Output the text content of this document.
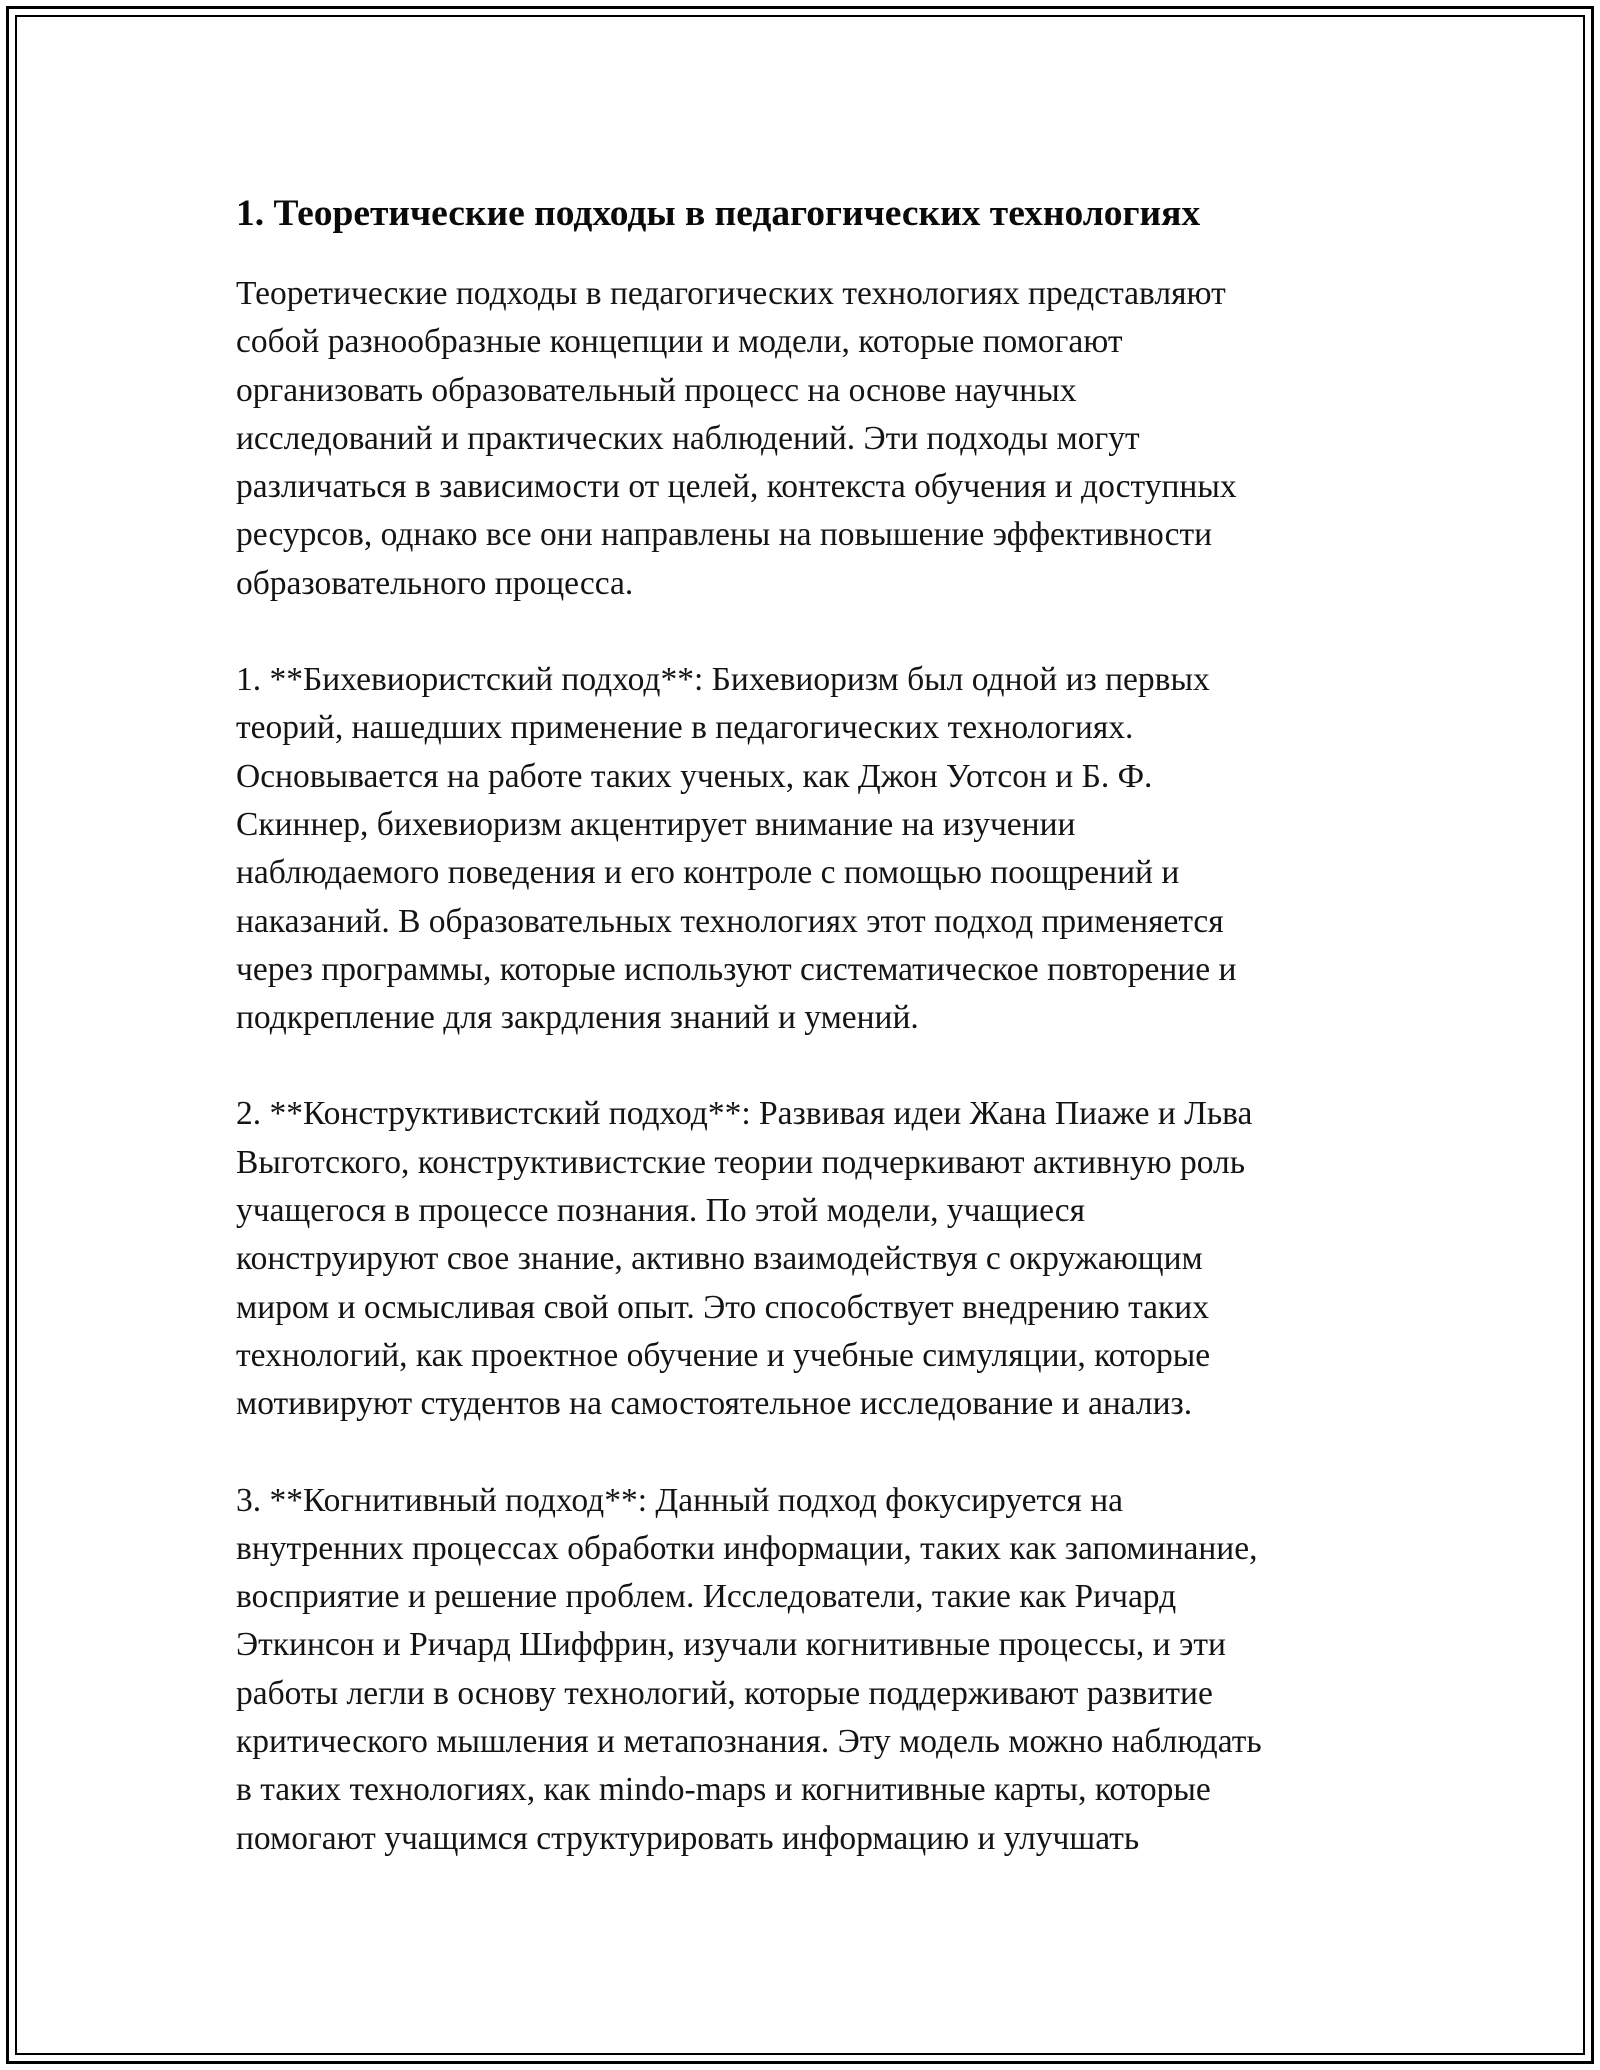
1. Теоретические подходы в педагогических технологиях

Теоретические подходы в педагогических технологиях представляют
собой разнообразные концепции и модели, которые помогают
организовать образовательный процесс на основе научных
исследований и практических наблюдений. Эти подходы могут
различаться в зависимости от целей, контекста обучения и доступных
ресурсов, однако все они направлены на повышение эффективности
образовательного процесса.

1. **Бихевиористский подход**: Бихевиоризм был одной из первых
теорий, нашедших применение в педагогических технологиях.
Основывается на работе таких ученых, как Джон Уотсон и Б. Ф.
Скиннер, бихевиоризм акцентирует внимание на изучении
наблюдаемого поведения и его контроле с помощью поощрений и
наказаний. В образовательных технологиях этот подход применяется
через программы, которые используют систематическое повторение и
подкрепление для закрдления знаний и умений.

2. **Конструктивистский подход**: Развивая идеи Жана Пиаже и Льва
Выготского, конструктивистские теории подчеркивают активную роль
учащегося в процессе познания. По этой модели, учащиеся
конструируют свое знание, активно взаимодействуя с окружающим
миром и осмысливая свой опыт. Это способствует внедрению таких
технологий, как проектное обучение и учебные симуляции, которые
мотивируют студентов на самостоятельное исследование и анализ.

3. **Когнитивный подход**: Данный подход фокусируется на
внутренних процессах обработки информации, таких как запоминание,
восприятие и решение проблем. Исследователи, такие как Ричард
Эткинсон и Ричард Шиффрин, изучали когнитивные процессы, и эти
работы легли в основу технологий, которые поддерживают развитие
критического мышления и метапознания. Эту модель можно наблюдать
в таких технологиях, как mindo-maps и когнитивные карты, которые
помогают учащимся структурировать информацию и улучшать
